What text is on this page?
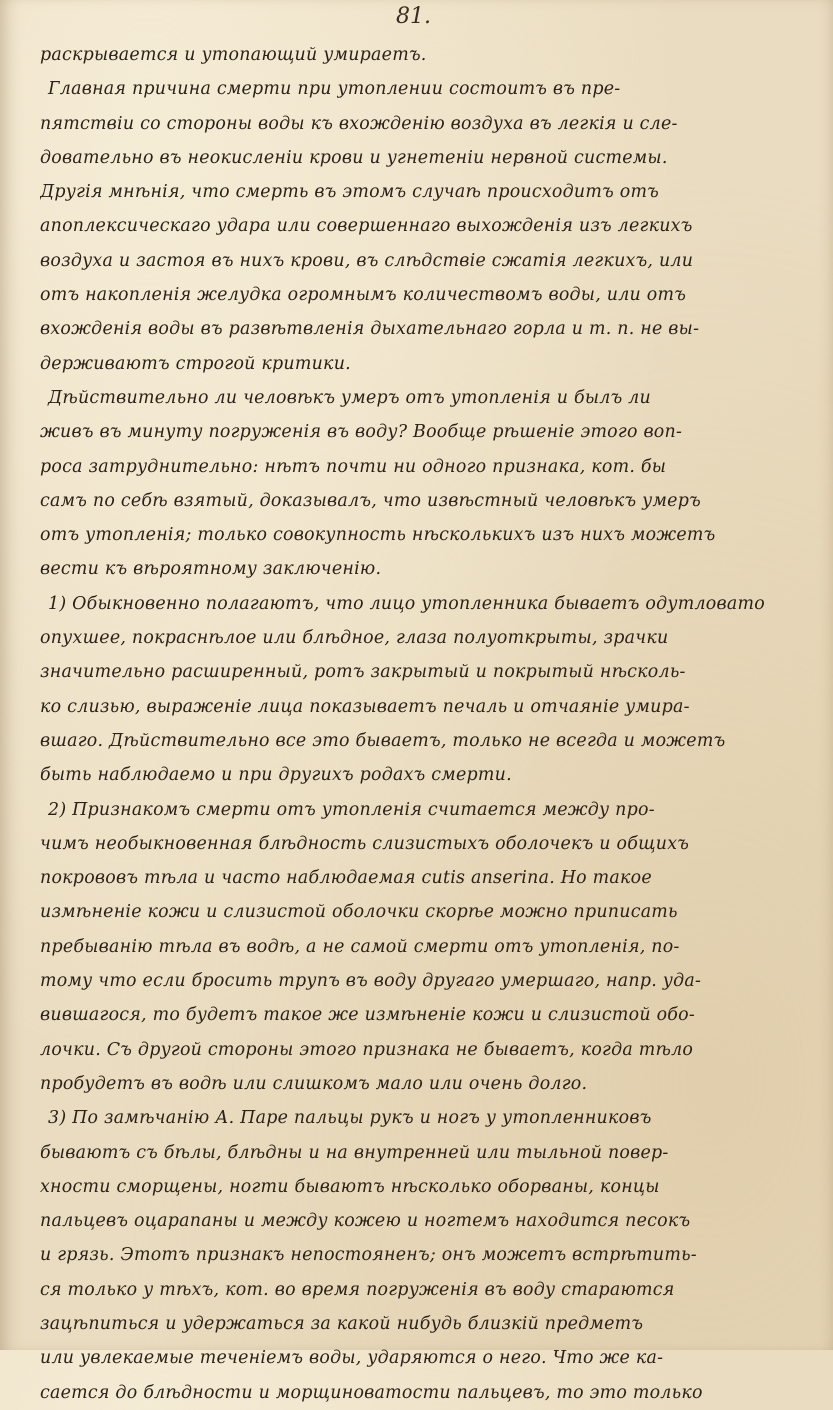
81.
раскрывается и утопающий умираетъ.
Главная причина смерти при утоплении состоитъ въ пре-
пятствіи со стороны воды къ вхожденію воздуха въ легкія и сле-
довательно въ неокисленіи крови и угнетеніи нервной системы.
Другія мнѣнія, что смерть въ этомъ случаѣ происходитъ отъ
апоплексическаго удара или совершеннаго выхожденія изъ легкихъ
воздуха и застоя въ нихъ крови, въ слѣдствіе сжатія легкихъ, или
отъ накопленія желудка огромнымъ количествомъ воды, или отъ
вхожденія воды въ развѣтвленія дыхательнаго горла и т. п. не вы-
держиваютъ строгой критики.
Дѣйствительно ли человѣкъ умеръ отъ утопленія и былъ ли
живъ въ минуту погруженія въ воду? Вообще рѣшеніе этого воп-
роса затруднительно: нѣтъ почти ни одного признака, кот. бы
самъ по себѣ взятый, доказывалъ, что извѣстный человѣкъ умеръ
отъ утопленія; только совокупность нѣсколькихъ изъ нихъ можетъ
вести къ вѣроятному заключенію.
1) Обыкновенно полагаютъ, что лицо утопленника бываетъ одутловато
опухшее, покраснѣлое или блѣдное, глаза полуоткрыты, зрачки
значительно расширенный, ротъ закрытый и покрытый нѣсколь-
ко слизью, выраженіе лица показываетъ печаль и отчаяніе умира-
вшаго. Дѣйствительно все это бываетъ, только не всегда и можетъ
быть наблюдаемо и при другихъ родахъ смерти.
2) Признакомъ смерти отъ утопленія считается между про-
чимъ необыкновенная блѣдность слизистыхъ оболочекъ и общихъ
покрововъ тѣла и часто наблюдаемая cutis anserina. Но такое
измѣненіе кожи и слизистой оболочки скорѣе можно приписать
пребыванію тѣла въ водѣ, а не самой смерти отъ утопленія, по-
тому что если бросить трупъ въ воду другаго умершаго, напр. уда-
вившагося, то будетъ такое же измѣненіе кожи и слизистой обо-
лочки. Съ другой стороны этого признака не бываетъ, когда тѣло
пробудетъ въ водѣ или слишкомъ мало или очень долго.
3) По замѣчанію А. Паре пальцы рукъ и ногъ у утопленниковъ
бываютъ съ бѣлы, блѣдны и на внутренней или тыльной повер-
хности сморщены, ногти бываютъ нѣсколько оборваны, концы
пальцевъ оцарапаны и между кожею и ногтемъ находится песокъ
и грязь. Этотъ признакъ непостояненъ; онъ можетъ встрѣтить-
ся только у тѣхъ, кот. во время погруженія въ воду стараются
зацѣпиться и удержаться за какой нибудь близкій предметъ
или увлекаемые теченіемъ воды, ударяются о него. Что же ка-
сается до блѣдности и морщиноватости пальцевъ, то это только
